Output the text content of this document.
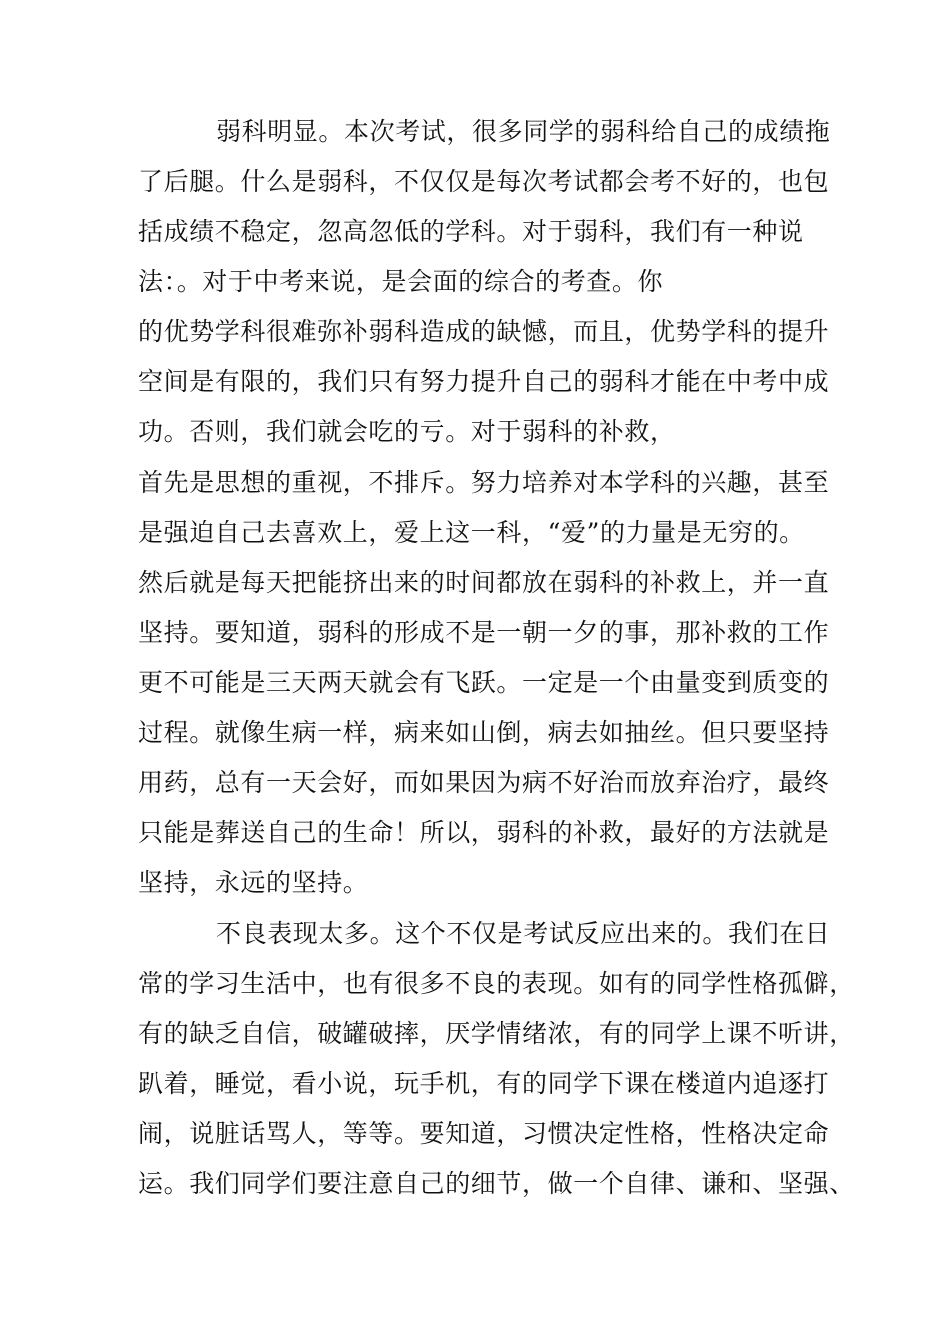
弱科明显。本次考试，很多同学的弱科给自己的成绩拖
了后腿。什么是弱科，不仅仅是每次考试都会考不好的，也包
括成绩不稳定，忽高忽低的学科。对于弱科，我们有一种说
法：。对于中考来说，是会面的综合的考查。你
的优势学科很难弥补弱科造成的缺憾，而且，优势学科的提升
空间是有限的，我们只有努力提升自己的弱科才能在中考中成
功。否则，我们就会吃的亏。对于弱科的补救，
首先是思想的重视，不排斥。努力培养对本学科的兴趣，甚至
是强迫自己去喜欢上，爱上这一科，“爱”的力量是无穷的。
然后就是每天把能挤出来的时间都放在弱科的补救上，并一直
坚持。要知道，弱科的形成不是一朝一夕的事，那补救的工作
更不可能是三天两天就会有飞跃。一定是一个由量变到质变的
过程。就像生病一样，病来如山倒，病去如抽丝。但只要坚持
用药，总有一天会好，而如果因为病不好治而放弃治疗，最终
只能是葬送自己的生命！所以，弱科的补救，最好的方法就是
坚持，永远的坚持。
不良表现太多。这个不仅是考试反应出来的。我们在日
常的学习生活中，也有很多不良的表现。如有的同学性格孤僻，
有的缺乏自信，破罐破摔，厌学情绪浓，有的同学上课不听讲，
趴着，睡觉，看小说，玩手机，有的同学下课在楼道内追逐打
闹，说脏话骂人，等等。要知道，习惯决定性格，性格决定命
运。我们同学们要注意自己的细节，做一个自律、谦和、坚强、
